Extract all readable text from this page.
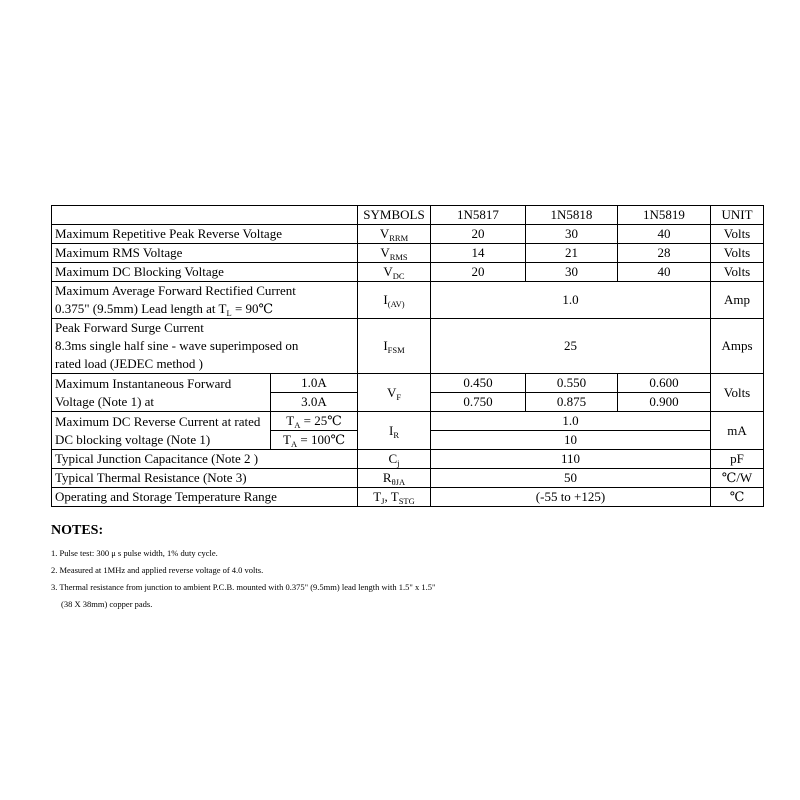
		SYMBOLS	1N5817	1N5818	1N5819	UNIT
Maximum Repetitive Peak Reverse Voltage		$V_{RRM}$	20	30	40	Volts
Maximum RMS Voltage		$V_{RMS}$	14	21	28	Volts
Maximum DC Blocking Voltage		$V_{DC}$	20	30	40	Volts

Maximum Average Forward Rectified Current
0.375" (9.5mm) Lead length at $T_L$ = 90℃		$I_{(AV)}$	1.0			Amp

Peak Forward Surge Current
8.3ms single half sine - wave superimposed on
rated load (JEDEC method )		$I_{FSM}$	25			Amps

Maximum Instantaneous Forward
Voltage (Note 1) at	1.0A	$V_F$	0.450	0.550	0.600	Volts
	3.0A		0.750	0.875	0.900	

Maximum DC Reverse Current at rated
DC blocking voltage (Note 1)	$T_A$ = 25℃	$I_R$	1.0			mA
	$T_A$ = 100℃		10			
Typical Junction Capacitance (Note 2 )		$C_j$	110			pF
Typical Thermal Resistance (Note 3)		$R_{\theta JA}$	50			℃/W
Operating and Storage Temperature Range		$T_J$, $T_{STG}$	(-55 to +125)			℃
NOTES:
1. Pulse test: 300 μ s pulse width, 1% duty cycle.
2. Measured at 1MHz and applied reverse voltage of 4.0 volts.
3. Thermal resistance from junction to ambient P.C.B. mounted with 0.375" (9.5mm) lead length with 1.5" x 1.5"
(38 X 38mm) copper pads.
